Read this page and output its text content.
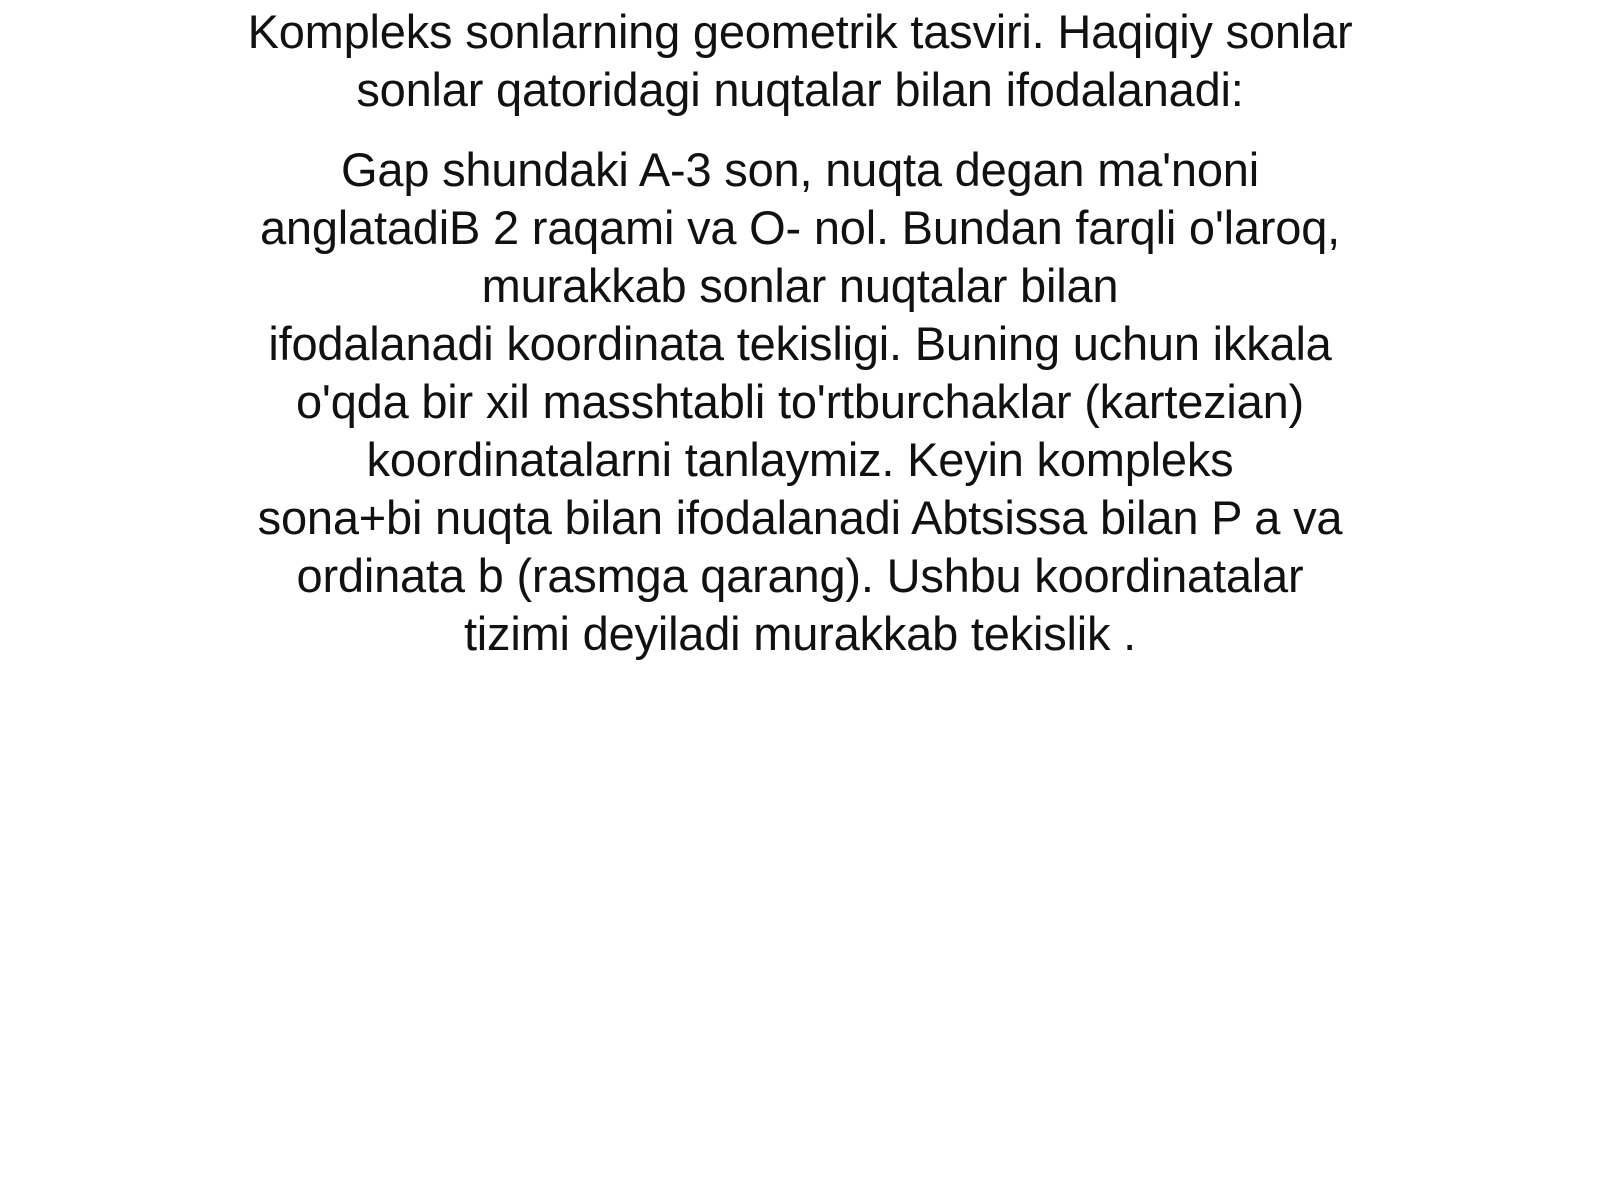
Kompleks sonlarning geometrik tasviri. Haqiqiy sonlar
sonlar qatoridagi nuqtalar bilan ifodalanadi:
Gap shundaki A-3 son, nuqta degan ma'noni
anglatadiB 2 raqami va O- nol. Bundan farqli o'laroq,
murakkab sonlar nuqtalar bilan
ifodalanadi koordinata tekisligi. Buning uchun ikkala
o'qda bir xil masshtabli to'rtburchaklar (kartezian)
koordinatalarni tanlaymiz. Keyin kompleks
sona+bi nuqta bilan ifodalanadi Abtsissa bilan P a va
ordinata b (rasmga qarang). Ushbu koordinatalar
tizimi deyiladi murakkab tekislik .
